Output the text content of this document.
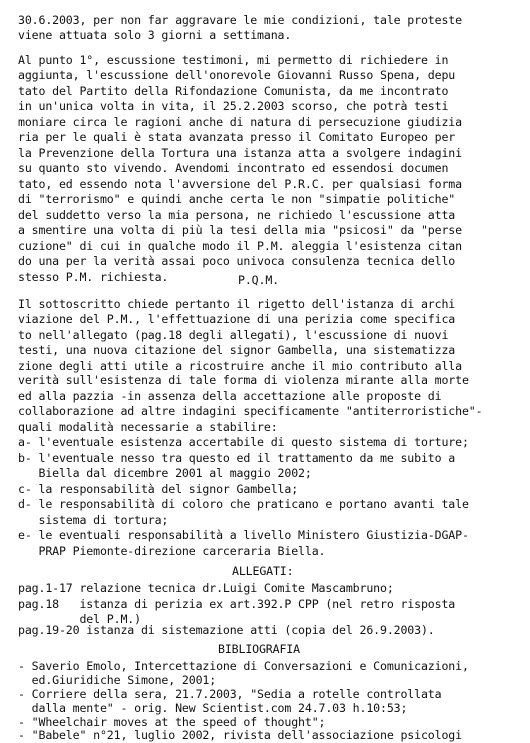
30.6.2003, per non far aggravare le mie condizioni, tale proteste
viene attuata solo 3 giorni a settimana.
Al punto 1°, escussione testimoni, mi permetto di richiedere in
aggiunta, l'escussione dell'onorevole Giovanni Russo Spena, depu
tato del Partito della Rifondazione Comunista, da me incontrato
in un'unica volta in vita, il 25.2.2003 scorso, che potrà testi
moniare circa le ragioni anche di natura di persecuzione giudizia
ria per le quali è stata avanzata presso il Comitato Europeo per
la Prevenzione della Tortura una istanza atta a svolgere indagini
su quanto sto vivendo. Avendomi incontrato ed essendosi documen
tato, ed essendo nota l'avversione del P.R.C. per qualsiasi forma
di "terrorismo" e quindi anche certa le non "simpatie politiche"
del suddetto verso la mia persona, ne richiedo l'escussione atta
a smentire una volta di più la tesi della mia "psicosi" da "perse
cuzione" di cui in qualche modo il P.M. aleggia l'esistenza citan
do una per la verità assai poco univoca consulenza tecnica dello
stesso P.M. richiesta.	P.Q.M.
Il sottoscritto chiede pertanto il rigetto dell'istanza di archi
viazione del P.M., l'effettuazione di una perizia come specifica
to nell'allegato (pag.18 degli allegati), l'escussione di nuovi
testi, una nuova citazione del signor Gambella, una sistematizza
zione degli atti utile a ricostruire anche il mio contributo alla
verità sull'esistenza di tale forma di violenza mirante alla morte
ed alla pazzia -in assenza della accettazione alle proposte di
collaborazione ad altre indagini specificamente "antiterroristiche"-
quali modalità necessarie a stabilire:
a- l'eventuale esistenza accertabile di questo sistema di torture;
b- l'eventuale nesso tra questo ed il trattamento da me subito a
Biella dal dicembre 2001 al maggio 2002;
c- la responsabilità del signor Gambella;
d- le responsabilità di coloro che praticano e portano avanti tale
sistema di tortura;
e- le eventuali responsabilità a livello Ministero Giustizia-DGAP-
PRAP Piemonte-direzione carceraria Biella.
ALLEGATI:
pag.1-17 relazione tecnica dr.Luigi Comite Mascambruno;
pag.18   istanza di perizia ex art.392.P CPP (nel retro risposta
del P.M.)
pag.19-20 istanza di sistemazione atti (copia del 26.9.2003).
BIBLIOGRAFIA
- Saverio Emolo, Intercettazione di Conversazioni e Comunicazioni,
ed.Giuridiche Simone, 2001;
- Corriere della sera, 21.7.2003, "Sedia a rotelle controllata
dalla mente" - orig. New Scientist.com 24.7.03 h.10:53;
- "Wheelchair moves at the speed of thought";
- "Babele" n°21, luglio 2002, rivista dell'associazione psicologi
